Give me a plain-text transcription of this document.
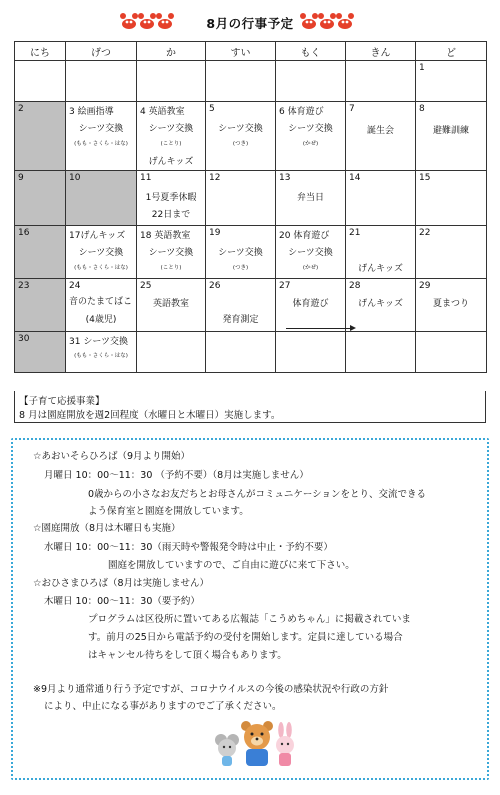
8月の行事予定
にち	げつ	か	すい	もく	きん	ど

						1

2	3 絵画指導
シーツ交換
(もも・さくら・はな)	4 英語教室
シーツ交換
(ことり)
げんキッズ	5
シーツ交換
(つき)	6 体育遊び
シーツ交換
(かぜ)	7
誕生会	8
避難訓練

9	10	11
1号夏季休暇
22日まで	12	13
弁当日	14	15

16	17げんキッズ
シーツ交換
(もも・さくら・はな)	18 英語教室
シーツ交換
(ことり)	19
シーツ交換
(つき)	20 体育遊び
シーツ交換
(かぜ)	21
げんキッズ	22

23	24
音のたまてばこ
(4歳児)	25
英語教室	26
発育測定	27
体育遊び	28
げんキッズ	29
夏まつり

30	31 シーツ交換
(もも・さくら・はな)					

【子育て応援事業】
8 月は園庭開放を週2回程度（水曜日と木曜日）実施します。
☆あおいそらひろば（9月より開始）
月曜日 10：00～11：30 （予約不要）（8月は実施しません）
0歳からの小さなお友だちとお母さんがコミュニケーションをとり、交流できる
よう保育室と園庭を開放しています。
☆園庭開放（8月は木曜日も実施）
水曜日 10：00～11：30（雨天時や警報発令時は中止・予約不要）
園庭を開放していますので、ご自由に遊びに来て下さい。
☆おひさまひろば（8月は実施しません）
木曜日 10：00～11：30（要予約）
プログラムは区役所に置いてある広報誌「こうめちゃん」に掲載されていま
す。前月の25日から電話予約の受付を開始します。定員に達している場合
はキャンセル待ちをして頂く場合もあります。
※9月より通常通り行う予定ですが、コロナウイルスの今後の感染状況や行政の方針
により、中止になる事がありますのでご了承ください。
